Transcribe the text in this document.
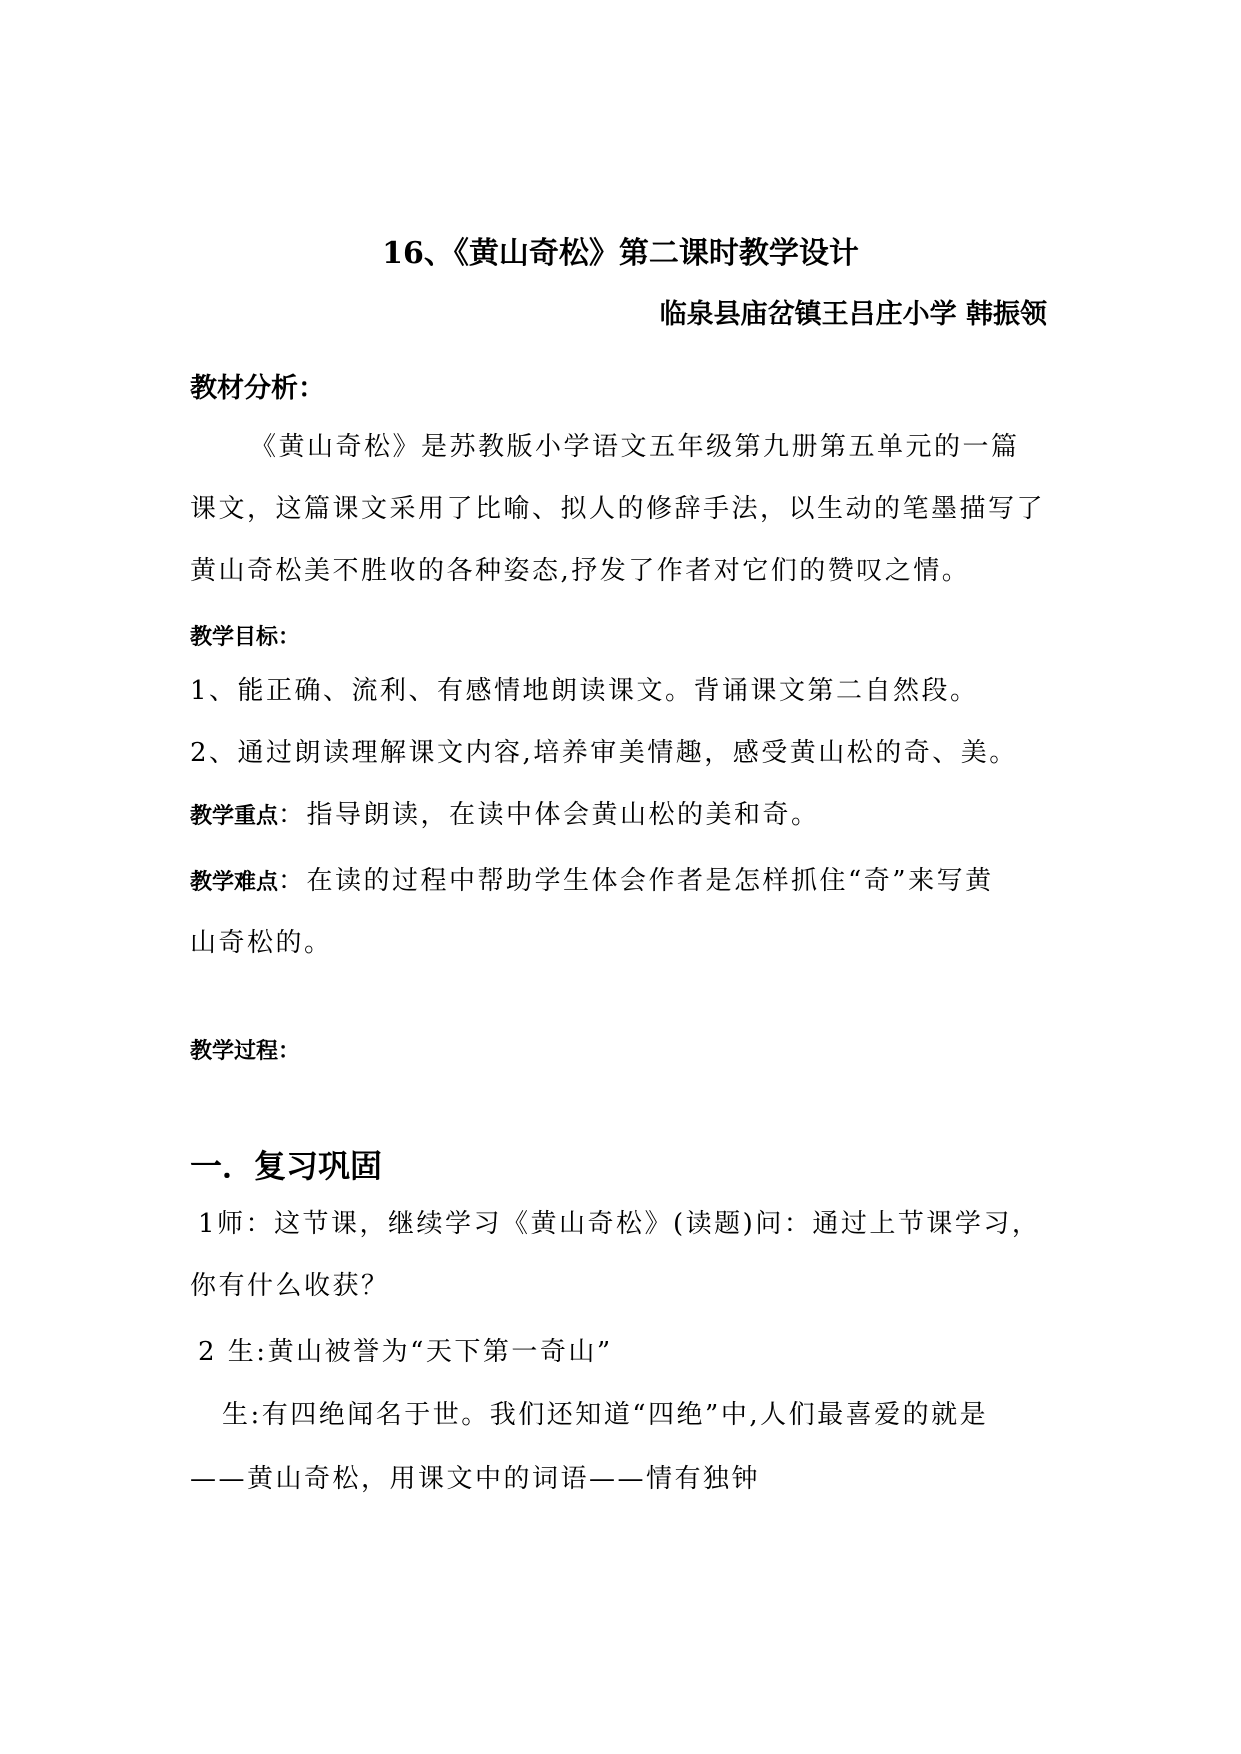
16、《黄山奇松》第二课时教学设计
临泉县庙岔镇王吕庄小学 韩振领
教材分析：
《黄山奇松》是苏教版小学语文五年级第九册第五单元的一篇
课文，这篇课文采用了比喻、拟人的修辞手法，以生动的笔墨描写了
黄山奇松美不胜收的各种姿态,抒发了作者对它们的赞叹之情。
教学目标：
1、能正确、流利、有感情地朗读课文。背诵课文第二自然段。
2、通过朗读理解课文内容,培养审美情趣，感受黄山松的奇、美。
教学重点：指导朗读，在读中体会黄山松的美和奇。
教学难点：在读的过程中帮助学生体会作者是怎样抓住“奇”来写黄
山奇松的。
教学过程：
一．复习巩固
1师：这节课，继续学习《黄山奇松》(读题)问：通过上节课学习，
你有什么收获？
2 生:黄山被誉为“天下第一奇山”
生:有四绝闻名于世。我们还知道“四绝”中,人们最喜爱的就是
——黄山奇松，用课文中的词语——情有独钟
